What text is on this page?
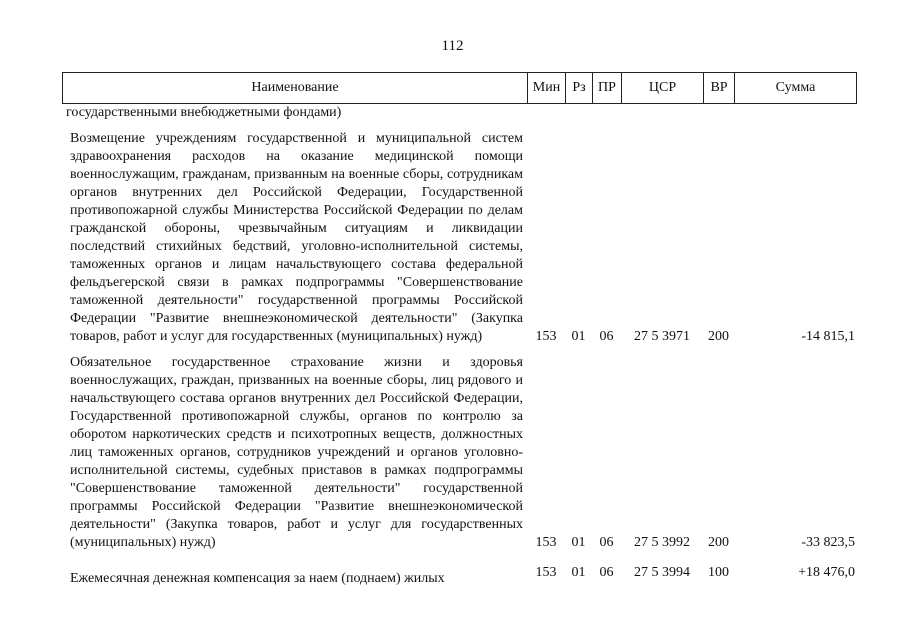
112
Наименование	Мин Рз ПР	ЦСР	ВР	Сумма
государственными внебюджетными фондами)
Возмещение учреждениям государственной и муниципальной систем здравоохранения расходов на оказание медицинской помощи военнослужащим, гражданам, призванным на военные сборы, сотрудникам органов внутренних дел Российской Федерации, Государственной противопожарной службы Министерства Российской Федерации по делам гражданской обороны, чрезвычайным ситуациям и ликвидации последствий стихийных бедствий, уголовно-исполнительной системы, таможенных органов и лицам начальствующего состава федеральной фельдъегерской связи в рамках подпрограммы "Совершенствование таможенной деятельности" государственной программы Российской Федерации "Развитие внешнеэкономической деятельности" (Закупка товаров, работ и услуг для государственных (муниципальных) нужд)	153	01	06	27 5 3971	200	-14 815,1
Обязательное государственное страхование жизни и здоровья военнослужащих, граждан, призванных на военные сборы, лиц рядового и начальствующего состава органов внутренних дел Российской Федерации, Государственной противопожарной службы, органов по контролю за оборотом наркотических средств и психотропных веществ, должностных лиц таможенных органов, сотрудников учреждений и органов уголовно-исполнительной системы, судебных приставов в рамках подпрограммы "Совершенствование таможенной деятельности" государственной программы Российской Федерации "Развитие внешнеэкономической деятельности" (Закупка товаров, работ и услуг для государственных (муниципальных) нужд)	153	01	06	27 5 3992	200	-33 823,5
Ежемесячная денежная компенсация за наем (поднаем) жилых	153	01	06	27 5 3994	100	+18 476,0
